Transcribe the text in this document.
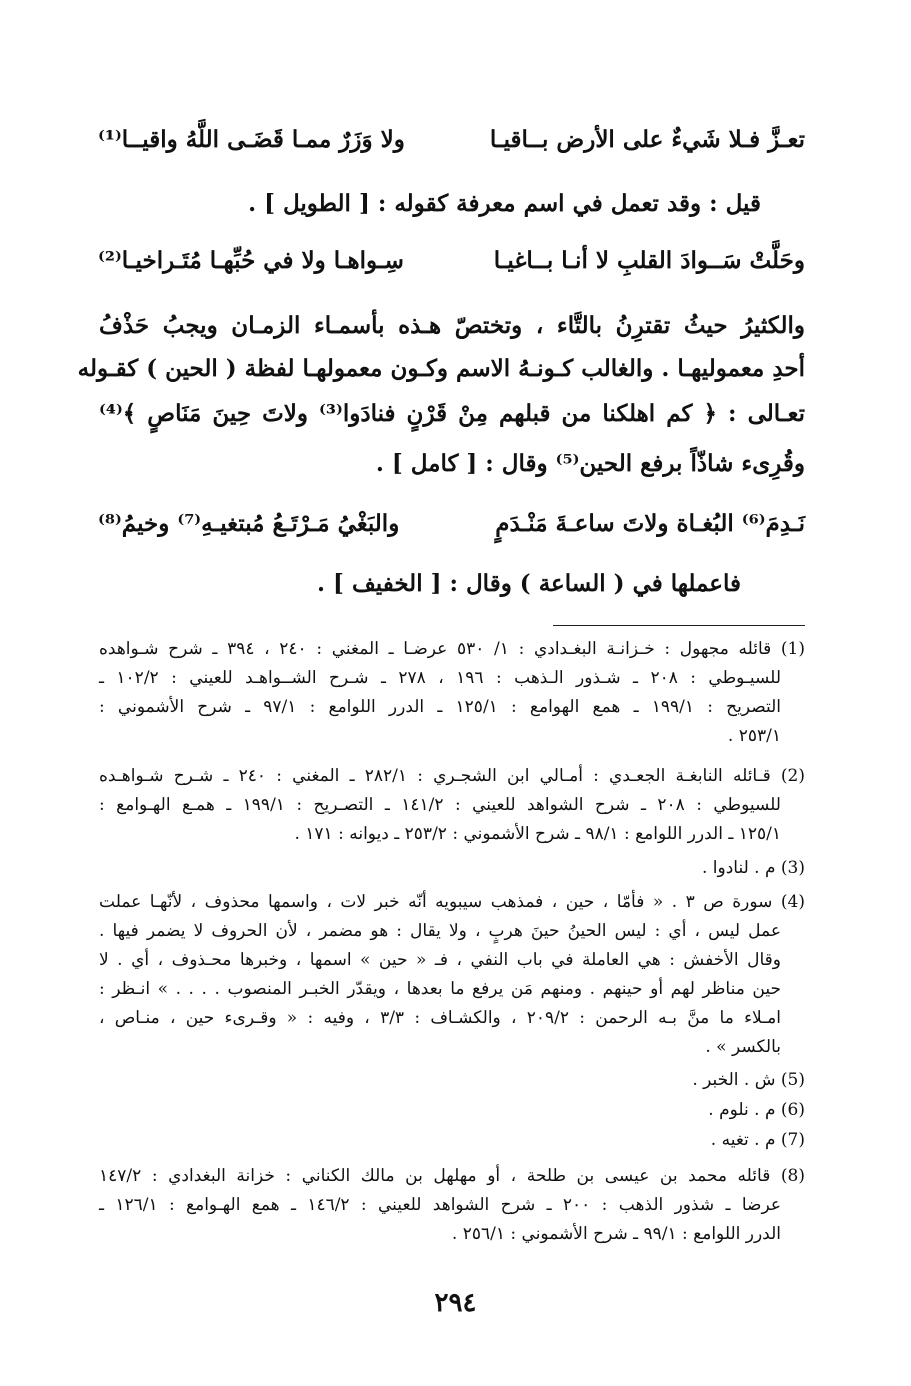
تعـزَّ فـلا شَيءٌ على الأرض بــاقيـا
ولا وَزَرٌ ممـا قَضَـى اللَّهُ واقيــا⁽¹⁾
قيل : وقد تعمل في اسم معرفة كقوله : [ الطويل ] .
وحَلَّتْ سَــوادَ القلبِ لا أنـا بــاغيـا
سِـواهـا ولا في حُبِّهـا مُتَـراخيـا⁽²⁾
والكثيرُ حيثُ تقترِنُ بالتَّاء ، وتختصّ هـذه بأسمـاء الزمـان ويجبُ حَذْفُ
أحدِ معموليهـا . والغالب كـونـهُ الاسم وكـون معمولهـا لفظة ( الحين ) كقـوله
تعـالى : ﴿ كم اهلكنا من قبلهم مِنْ قَرْنٍ فنادَوا⁽³⁾ ولاتَ حِينَ مَنَاصٍ ﴾⁽⁴⁾
وقُرِىء شاذّاً برفع الحين⁽⁵⁾ وقال : [ كامل ] .
نَـدِمَ⁽⁶⁾ البُغـاة ولاتَ ساعـةَ مَنْـدَمٍ
والبَغْيُ مَـرْتَـعُ مُبتغيـهِ⁽⁷⁾ وخيمُ⁽⁸⁾
فاعملها في ( الساعة ) وقال : [ الخفيف ] .
(1) قائله مجهول : خـزانـة البغـدادي : ١/ ٥٣٠ عرضـا ـ المغني : ٢٤٠ ، ٣٩٤ ـ شرح شـواهده
للسيـوطي : ٢٠٨ ـ شـذور الـذهب : ١٩٦ ، ٢٧٨ ـ شـرح الشــواهـد للعيني : ١٠٢/٢ ـ
التصريح : ١٩٩/١ ـ همع الهوامع : ١٢٥/١ ـ الدرر اللوامع : ٩٧/١ ـ شرح الأشموني :
٢٥٣/١ .
(2) قـائله النابغـة الجعـدي : أمـالي ابن الشجـري : ٢٨٢/١ ـ المغني : ٢٤٠ ـ شـرح شـواهـده
للسيوطي : ٢٠٨ ـ شرح الشواهد للعيني : ١٤١/٢ ـ التصـريح : ١٩٩/١ ـ همـع الهـوامع :
١٢٥/١ ـ الدرر اللوامع : ٩٨/١ ـ شرح الأشموني : ٢٥٣/٢ ـ ديوانه : ١٧١ .
(3) م . لنادوا .
(4) سورة ص ٣ . « فأمّا ، حين ، فمذهب سيبويه أنّه خبر لات ، واسمها محذوف ، لأنّهـا عملت
عمل ليس ، أي : ليس الحينُ حينَ هربٍ ، ولا يقال : هو مضمر ، لأن الحروف لا يضمر فيها .
وقال الأخفش : هي العاملة في باب النفي ، فـ « حين » اسمها ، وخبرها محـذوف ، أي . لا
حين مناظر لهم أو حينهم . ومنهم مَن يرفع ما بعدها ، ويقدّر الخبـر المنصوب . . . . » انـظر :
امـلاء ما منَّ بـه الرحمن : ٢٠٩/٢ ، والكشـاف : ٣/٣ ، وفيه : « وقـرىء حين ، منـاص ،
بالكسر » .
(5) ش . الخبر .
(6) م . نلوم .
(7) م . تغيه .
(8) قائله محمد بن عيسى بن طلحة ، أو مهلهل بن مالك الكناني : خزانة البغدادي : ١٤٧/٢
عرضا ـ شذور الذهب : ٢٠٠ ـ شرح الشواهد للعيني : ١٤٦/٢ ـ همع الهـوامع : ١٢٦/١ ـ
الدرر اللوامع : ٩٩/١ ـ شرح الأشموني : ٢٥٦/١ .
٢٩٤
